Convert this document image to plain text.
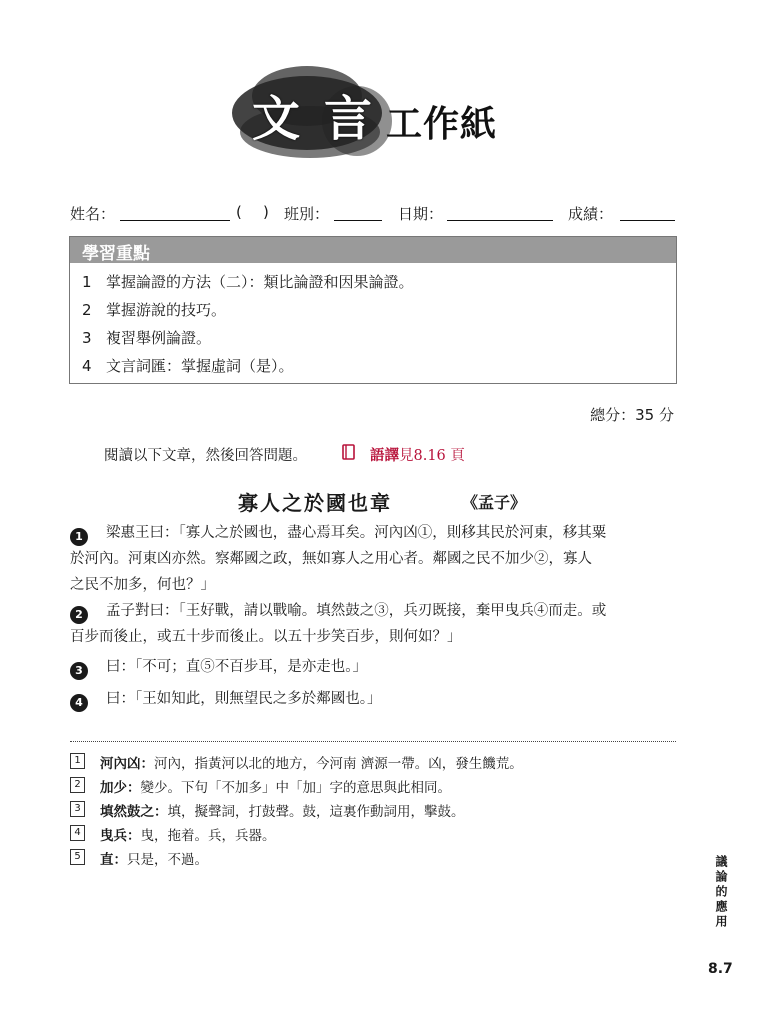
文 言 工作紙
姓名：	( ) 班別：	日期：	成績：
學習重點
1 掌握論證的方法（二）：類比論證和因果論證。
2 掌握游說的技巧。
3 複習舉例論證。
4 文言詞匯：掌握虛詞（是）。
總分：35 分
閱讀以下文章，然後回答問題。	語譯見8.16 頁
寡人之於國也章	《孟子》
1	梁惠王曰：「寡人之於國也，盡心焉耳矣。河內凶①，則移其民於河東，移其粟
於河內。河東凶亦然。察鄰國之政，無如寡人之用心者。鄰國之民不加少②，寡人
之民不加多，何也？」
2	孟子對曰：「王好戰，請以戰喻。填然鼓之③，兵刃既接，棄甲曳兵④而走。或
百步而後止，或五十步而後止。以五十步笑百步，則何如？」
3	曰：「不可；直⑤不百步耳，是亦走也。」
4	曰：「王如知此，則無望民之多於鄰國也。」
1	河內凶：河內，指黃河以北的地方，今河南 濟源一帶。凶，發生饑荒。
2	加少：變少。下句「不加多」中「加」字的意思與此相同。
3	填然鼓之：填，擬聲詞，打鼓聲。鼓，這裏作動詞用，擊鼓。
4	曳兵：曳，拖着。兵，兵器。
5	直：只是，不過。	議論的應用
8.7
